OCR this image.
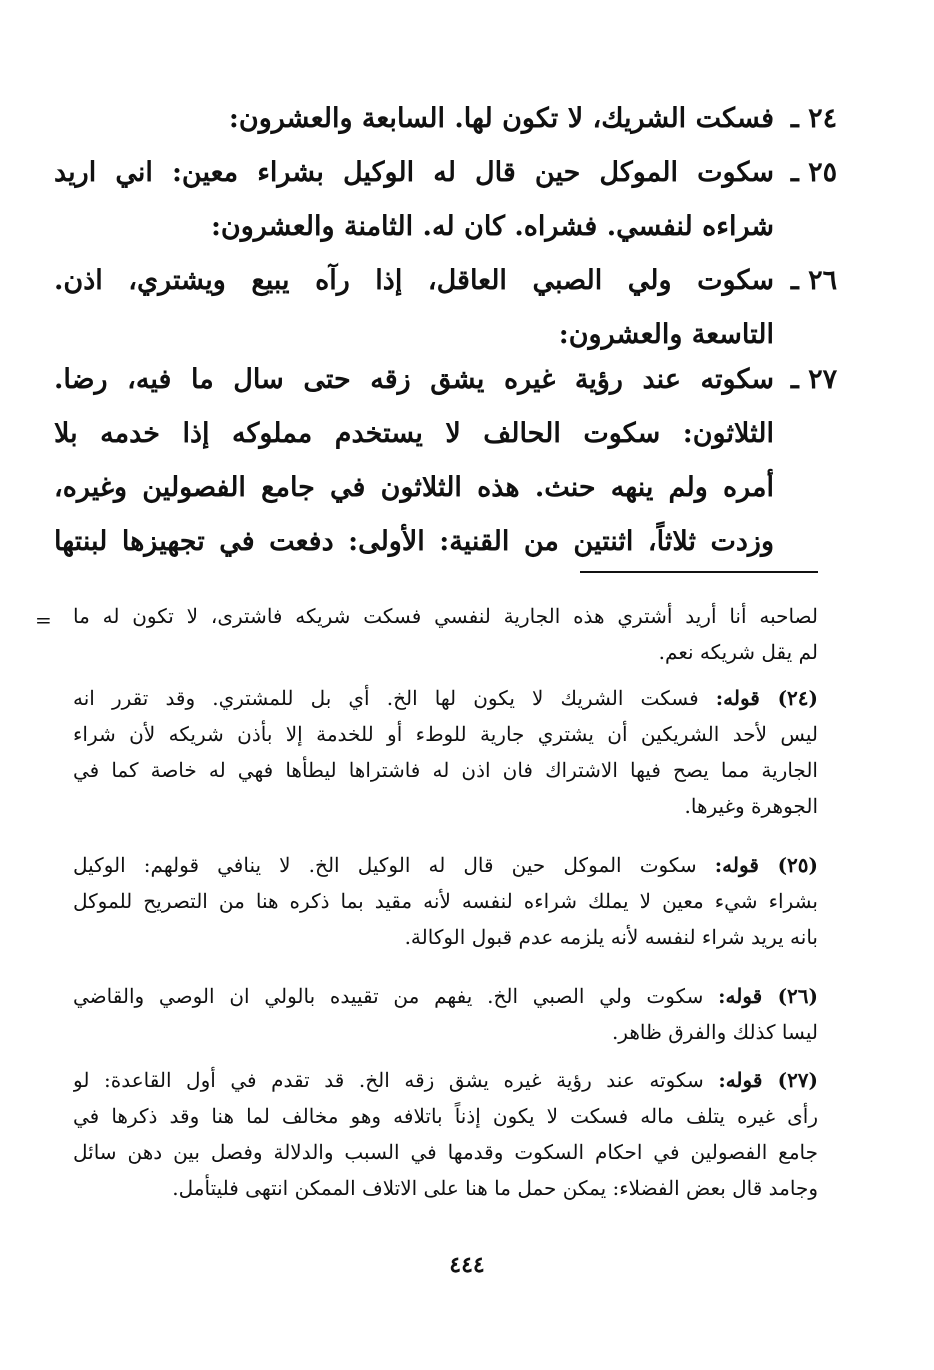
٢٤ ـ
فسكت الشريك، لا تكون لها. السابعة والعشرون:
٢٥ ـ
سكوت الموكل حين قال له الوكيل بشراء معين: اني اريد
شراءه لنفسي. فشراه. كان له. الثامنة والعشرون:
٢٦ ـ
سكوت ولي الصبي العاقل، إذا رآه يبيع ويشتري، اذن.
التاسعة والعشرون:
٢٧ ـ
سكوته عند رؤية غيره يشق زقه حتى سال ما فيه، رضا.
الثلاثون: سكوت الحالف لا يستخدم مملوكه إذا خدمه بلا
أمره ولم ينهه حنث. هذه الثلاثون في جامع الفصولين وغيره،
وزدت ثلاثاً، اثنتين من القنية: الأولى: دفعت في تجهيزها لبنتها
= لصاحبه أنا أريد أشتري هذه الجارية لنفسي فسكت شريكه فاشترى، لا تكون له ما
لم يقل شريكه نعم.
(٢٤) قوله: فسكت الشريك لا يكون لها الخ. أي بل للمشتري. وقد تقرر انه
ليس لأحد الشريكين أن يشتري جارية للوطء أو للخدمة إلا بأذن شريكه لأن شراء
الجارية مما يصح فيها الاشتراك فان اذن له فاشتراها ليطأها فهي له خاصة كما في
الجوهرة وغيرها.
(٢٥) قوله: سكوت الموكل حين قال له الوكيل الخ. لا ينافي قولهم: الوكيل
بشراء شيء معين لا يملك شراءه لنفسه لأنه مقيد بما ذكره هنا من التصريح للموكل
بانه يريد شراء لنفسه لأنه يلزمه عدم قبول الوكالة.
(٢٦) قوله: سكوت ولي الصبي الخ. يفهم من تقييده بالولي ان الوصي والقاضي
ليسا كذلك والفرق ظاهر.
(٢٧) قوله: سكوته عند رؤية غيره يشق زقه الخ. قد تقدم في أول القاعدة: لو
رأى غيره يتلف ماله فسكت لا يكون إذناً باتلافه وهو مخالف لما هنا وقد ذكرها في
جامع الفصولين في احكام السكوت وقدمها في السبب والدلالة وفصل بين دهن سائل
وجامد قال بعض الفضلاء: يمكن حمل ما هنا على الاتلاف الممكن انتهى فليتأمل.
٤٤٤
